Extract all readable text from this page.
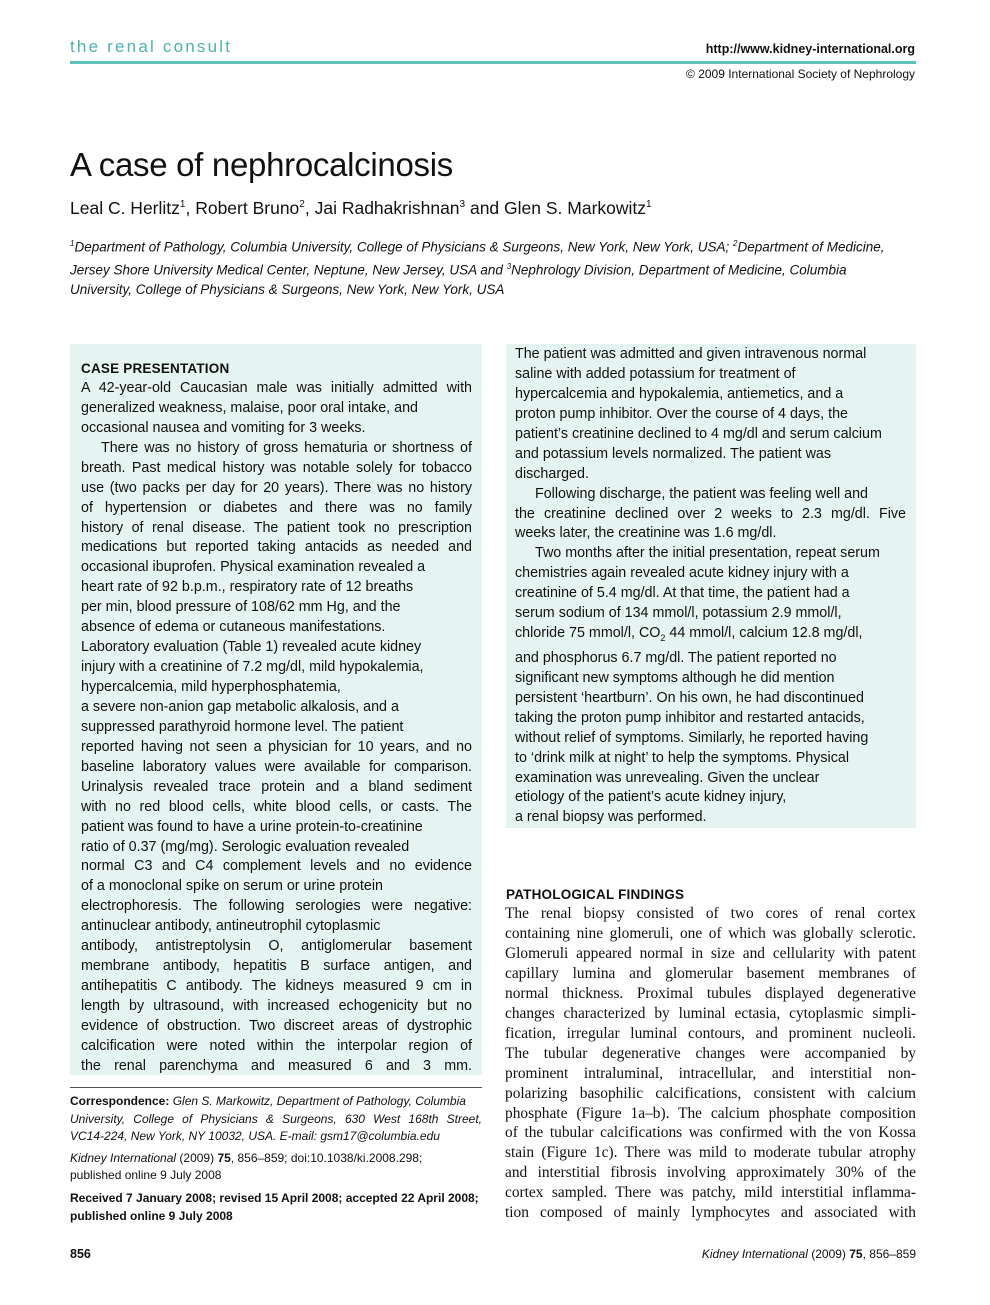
the renal consult	http://www.kidney-international.org
© 2009 International Society of Nephrology
A case of nephrocalcinosis
Leal C. Herlitz$^1$, Robert Bruno$^2$, Jai Radhakrishnan$^3$ and Glen S. Markowitz$^1$
$^1$Department of Pathology, Columbia University, College of Physicians & Surgeons, New York, New York, USA; $^2$Department of Medicine,
Jersey Shore University Medical Center, Neptune, New Jersey, USA and $^3$Nephrology Division, Department of Medicine, Columbia
University, College of Physicians & Surgeons, New York, New York, USA
CASE PRESENTATION
A 42-year-old Caucasian male was initially admitted with
generalized weakness, malaise, poor oral intake, and
occasional nausea and vomiting for 3 weeks.
There was no history of gross hematuria or shortness of
breath. Past medical history was notable solely for tobacco
use (two packs per day for 20 years). There was no history
of hypertension or diabetes and there was no family
history of renal disease. The patient took no prescription
medications but reported taking antacids as needed and
occasional ibuprofen. Physical examination revealed a
heart rate of 92 b.p.m., respiratory rate of 12 breaths
per min, blood pressure of 108/62 mm Hg, and the
absence of edema or cutaneous manifestations.
Laboratory evaluation (Table 1) revealed acute kidney
injury with a creatinine of 7.2 mg/dl, mild hypokalemia,
hypercalcemia, mild hyperphosphatemia,
a severe non-anion gap metabolic alkalosis, and a
suppressed parathyroid hormone level. The patient
reported having not seen a physician for 10 years, and no
baseline laboratory values were available for comparison.
Urinalysis revealed trace protein and a bland sediment
with no red blood cells, white blood cells, or casts. The
patient was found to have a urine protein-to-creatinine
ratio of 0.37 (mg/mg). Serologic evaluation revealed
normal C3 and C4 complement levels and no evidence
of a monoclonal spike on serum or urine protein
electrophoresis. The following serologies were negative:
antinuclear antibody, antineutrophil cytoplasmic
antibody, antistreptolysin O, antiglomerular basement
membrane antibody, hepatitis B surface antigen, and
antihepatitis C antibody. The kidneys measured 9 cm in
length by ultrasound, with increased echogenicity but no
evidence of obstruction. Two discreet areas of dystrophic
calcification were noted within the interpolar region of
the renal parenchyma and measured 6 and 3 mm.
The patient was admitted and given intravenous normal
saline with added potassium for treatment of
hypercalcemia and hypokalemia, antiemetics, and a
proton pump inhibitor. Over the course of 4 days, the
patient’s creatinine declined to 4 mg/dl and serum calcium
and potassium levels normalized. The patient was
discharged.
Following discharge, the patient was feeling well and
the creatinine declined over 2 weeks to 2.3 mg/dl. Five
weeks later, the creatinine was 1.6 mg/dl.
Two months after the initial presentation, repeat serum
chemistries again revealed acute kidney injury with a
creatinine of 5.4 mg/dl. At that time, the patient had a
serum sodium of 134 mmol/l, potassium 2.9 mmol/l,
chloride 75 mmol/l, $CO_2$ 44 mmol/l, calcium 12.8 mg/dl,
and phosphorus 6.7 mg/dl. The patient reported no
significant new symptoms although he did mention
persistent ‘heartburn’. On his own, he had discontinued
taking the proton pump inhibitor and restarted antacids,
without relief of symptoms. Similarly, he reported having
to ‘drink milk at night’ to help the symptoms. Physical
examination was unrevealing. Given the unclear
etiology of the patient’s acute kidney injury,
a renal biopsy was performed.
Correspondence: Glen S. Markowitz, Department of Pathology, Columbia
University, College of Physicians & Surgeons, 630 West 168th Street,
VC14-224, New York, NY 10032, USA. E-mail: gsm17@columbia.edu
Kidney International (2009) 75, 856–859; doi:10.1038/ki.2008.298;
published online 9 July 2008
Received 7 January 2008; revised 15 April 2008; accepted 22 April 2008;
published online 9 July 2008
PATHOLOGICAL FINDINGS
The renal biopsy consisted of two cores of renal cortex
containing nine glomeruli, one of which was globally sclerotic.
Glomeruli appeared normal in size and cellularity with patent
capillary lumina and glomerular basement membranes of
normal thickness. Proximal tubules displayed degenerative
changes characterized by luminal ectasia, cytoplasmic simpli-
fication, irregular luminal contours, and prominent nucleoli.
The tubular degenerative changes were accompanied by
prominent intraluminal, intracellular, and interstitial non-
polarizing basophilic calcifications, consistent with calcium
phosphate (Figure 1a–b). The calcium phosphate composition
of the tubular calcifications was confirmed with the von Kossa
stain (Figure 1c). There was mild to moderate tubular atrophy
and interstitial fibrosis involving approximately 30% of the
cortex sampled. There was patchy, mild interstitial inflamma-
tion composed of mainly lymphocytes and associated with
856	Kidney International (2009) 75, 856–859
